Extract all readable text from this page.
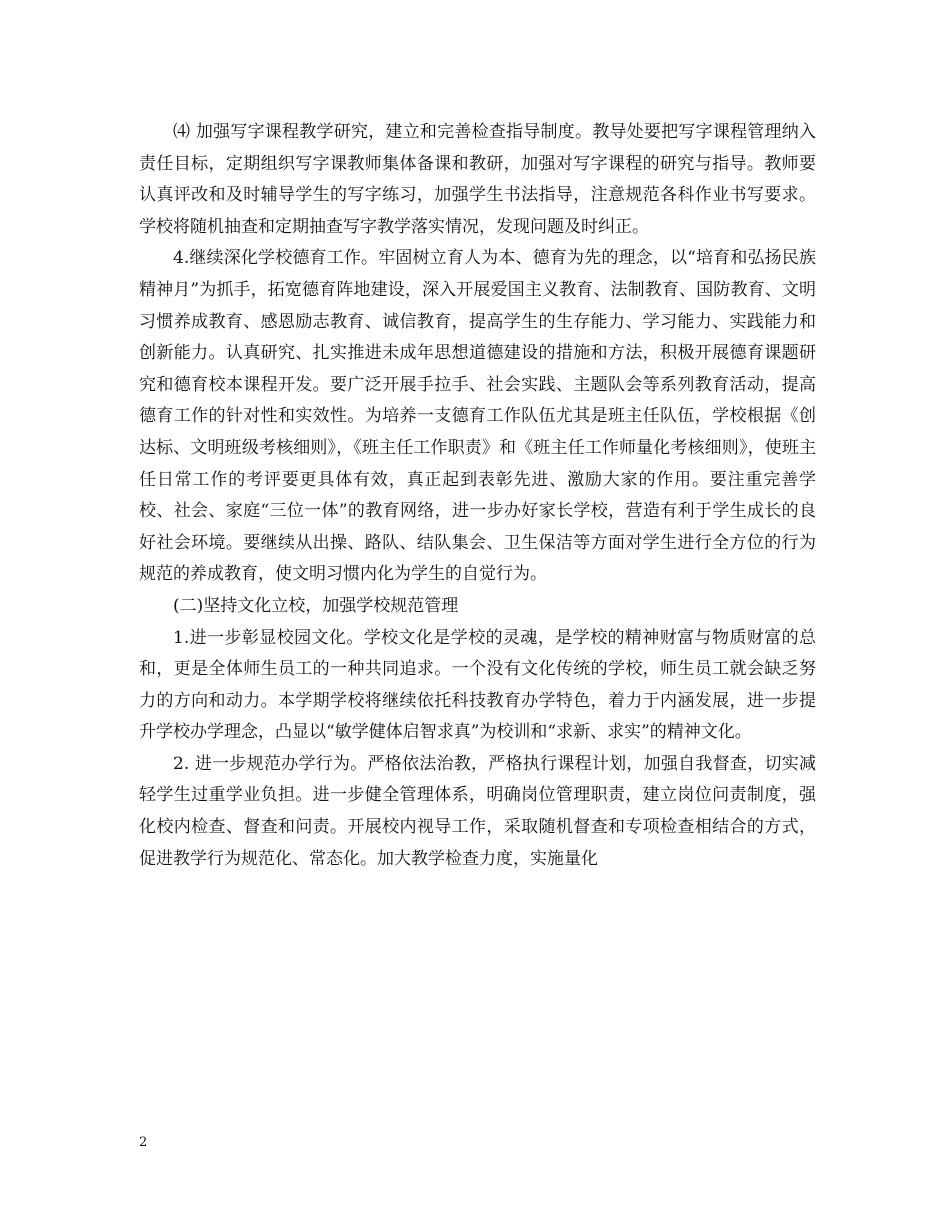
⑷ 加强写字课程教学研究，建立和完善检查指导制度。教导处要把写字课程管理纳入责任目标，定期组织写字课教师集体备课和教研，加强对写字课程的研究与指导。教师要认真评改和及时辅导学生的写字练习，加强学生书法指导，注意规范各科作业书写要求。学校将随机抽查和定期抽查写字教学落实情况，发现问题及时纠正。

4.继续深化学校德育工作。牢固树立育人为本、德育为先的理念，以“培育和弘扬民族精神月”为抓手，拓宽德育阵地建设，深入开展爱国主义教育、法制教育、国防教育、文明习惯养成教育、感恩励志教育、诚信教育，提高学生的生存能力、学习能力、实践能力和创新能力。认真研究、扎实推进未成年思想道德建设的措施和方法，积极开展德育课题研究和德育校本课程开发。要广泛开展手拉手、社会实践、主题队会等系列教育活动，提高德育工作的针对性和实效性。为培养一支德育工作队伍尤其是班主任队伍，学校根据《创达标、文明班级考核细则》，《班主任工作职责》和《班主任工作师量化考核细则》，使班主任日常工作的考评要更具体有效，真正起到表彰先进、激励大家的作用。要注重完善学校、社会、家庭“三位一体”的教育网络，进一步办好家长学校，营造有利于学生成长的良好社会环境。要继续从出操、路队、结队集会、卫生保洁等方面对学生进行全方位的行为规范的养成教育，使文明习惯内化为学生的自觉行为。

(二)坚持文化立校，加强学校规范管理

1.进一步彰显校园文化。学校文化是学校的灵魂，是学校的精神财富与物质财富的总和，更是全体师生员工的一种共同追求。一个没有文化传统的学校，师生员工就会缺乏努力的方向和动力。本学期学校将继续依托科技教育办学特色，着力于内涵发展，进一步提升学校办学理念，凸显以“敏学健体启智求真”为校训和“求新、求实”的精神文化。

2. 进一步规范办学行为。严格依法治教，严格执行课程计划，加强自我督查，切实减轻学生过重学业负担。进一步健全管理体系，明确岗位管理职责，建立岗位问责制度，强化校内检查、督查和问责。开展校内视导工作，采取随机督查和专项检查相结合的方式，促进教学行为规范化、常态化。加大教学检查力度，实施量化

2
